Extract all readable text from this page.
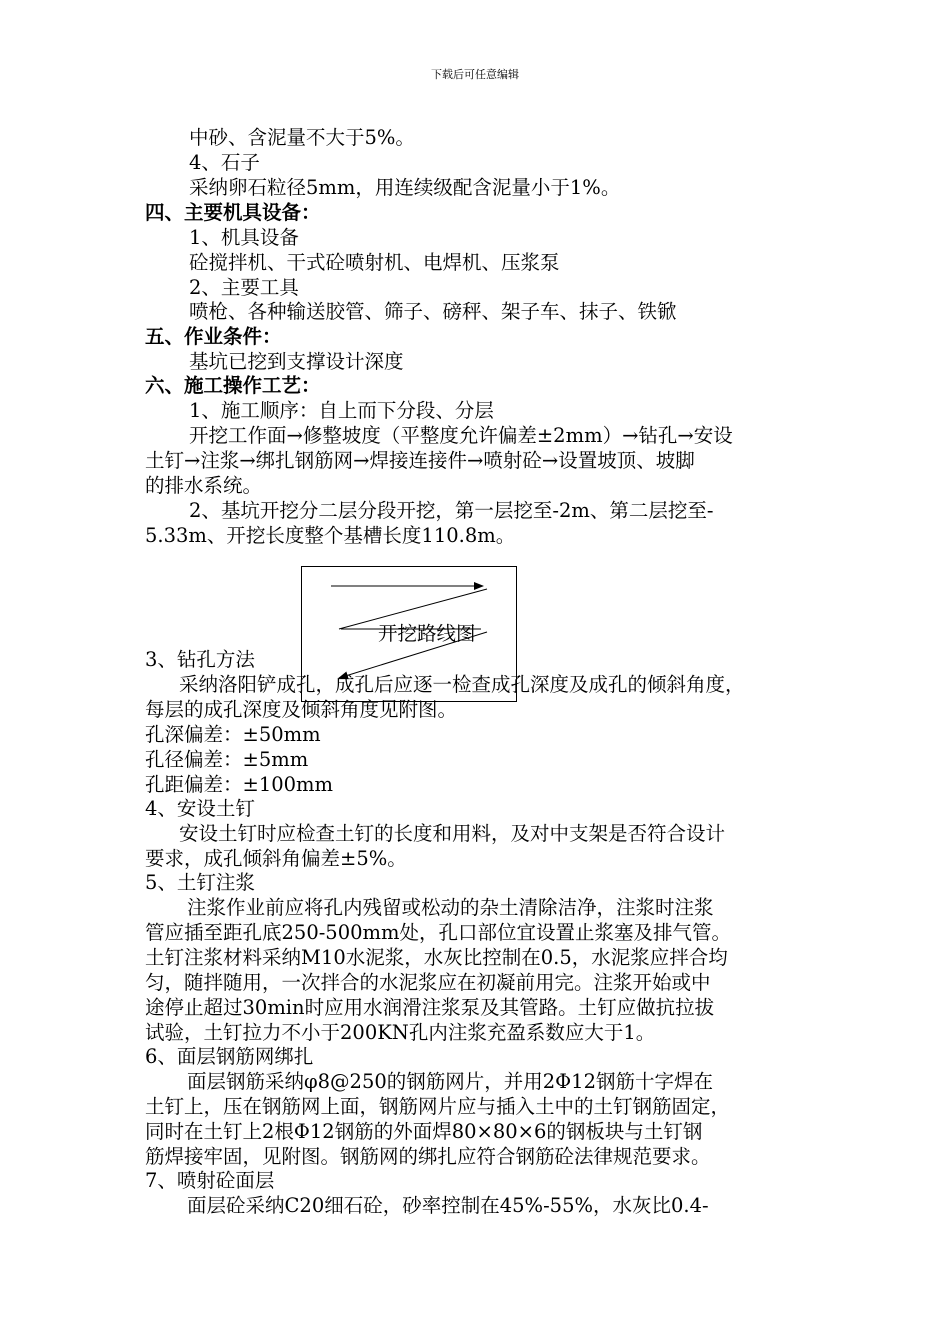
下载后可任意编辑
中砂、含泥量不大于5%。
4、石子
采纳卵石粒径5mm，用连续级配含泥量小于1%。
四、主要机具设备：
1、机具设备
砼搅拌机、干式砼喷射机、电焊机、压浆泵
2、主要工具
喷枪、各种输送胶管、筛子、磅秤、架子车、抹子、铁锨
五、作业条件：
基坑已挖到支撑设计深度
六、施工操作工艺：
1、施工顺序：自上而下分段、分层
开挖工作面→修整坡度（平整度允许偏差±2mm）→钻孔→安设
土钉→注浆→绑扎钢筋网→焊接连接件→喷射砼→设置坡顶、坡脚
的排水系统。
2、基坑开挖分二层分段开挖，第一层挖至-2m、第二层挖至-
5.33m、开挖长度整个基槽长度110.8m。
开挖路线图
3、钻孔方法
采纳洛阳铲成孔，成孔后应逐一检查成孔深度及成孔的倾斜角度，
每层的成孔深度及倾斜角度见附图。
孔深偏差：±50mm
孔径偏差：±5mm
孔距偏差：±100mm
4、安设土钉
安设土钉时应检查土钉的长度和用料，及对中支架是否符合设计
要求，成孔倾斜角偏差±5%。
5、土钉注浆
注浆作业前应将孔内残留或松动的杂土清除洁净，注浆时注浆
管应插至距孔底250-500mm处，孔口部位宜设置止浆塞及排气管。
土钉注浆材料采纳M10水泥浆，水灰比控制在0.5，水泥浆应拌合均
匀，随拌随用，一次拌合的水泥浆应在初凝前用完。注浆开始或中
途停止超过30min时应用水润滑注浆泵及其管路。土钉应做抗拉拔
试验，土钉拉力不小于200KN孔内注浆充盈系数应大于1。
6、面层钢筋网绑扎
面层钢筋采纳φ8@250的钢筋网片，并用2Φ12钢筋十字焊在
土钉上，压在钢筋网上面，钢筋网片应与插入土中的土钉钢筋固定，
同时在土钉上2根Φ12钢筋的外面焊80×80×6的钢板块与土钉钢
筋焊接牢固，见附图。钢筋网的绑扎应符合钢筋砼法律规范要求。
7、喷射砼面层
面层砼采纳C20细石砼，砂率控制在45%-55%，水灰比0.4-
